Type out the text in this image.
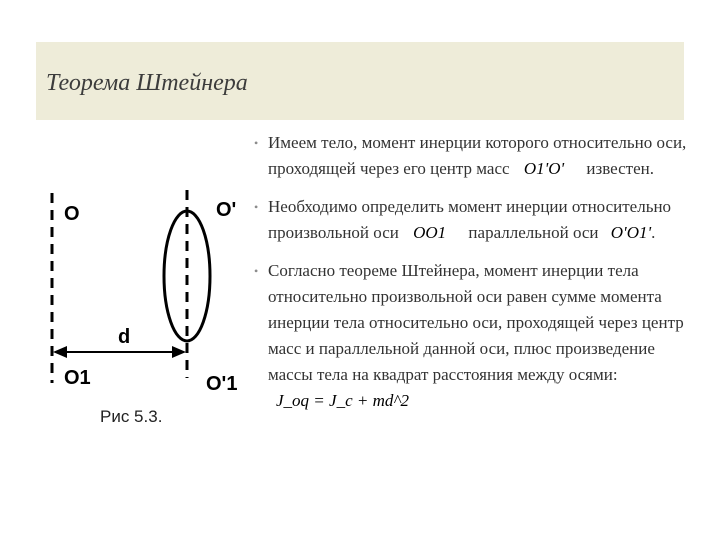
Теорема Штейнера
O	O'
d
O1	O'1
Рис 5.3.
• Имеем тело, момент инерции которого относительно оси, проходящей через его центр масс O1'O' известен.
• Необходимо определить момент инерции относительно произвольной оси OO1 параллельной оси O'O1'.
• Согласно теореме Штейнера, момент инерции тела относительно произвольной оси равен сумме момента инерции тела относительно оси, проходящей через центр масс и параллельной данной оси, плюс произведение массы тела на квадрат расстояния между осями: J_oq = J_c + md^2
